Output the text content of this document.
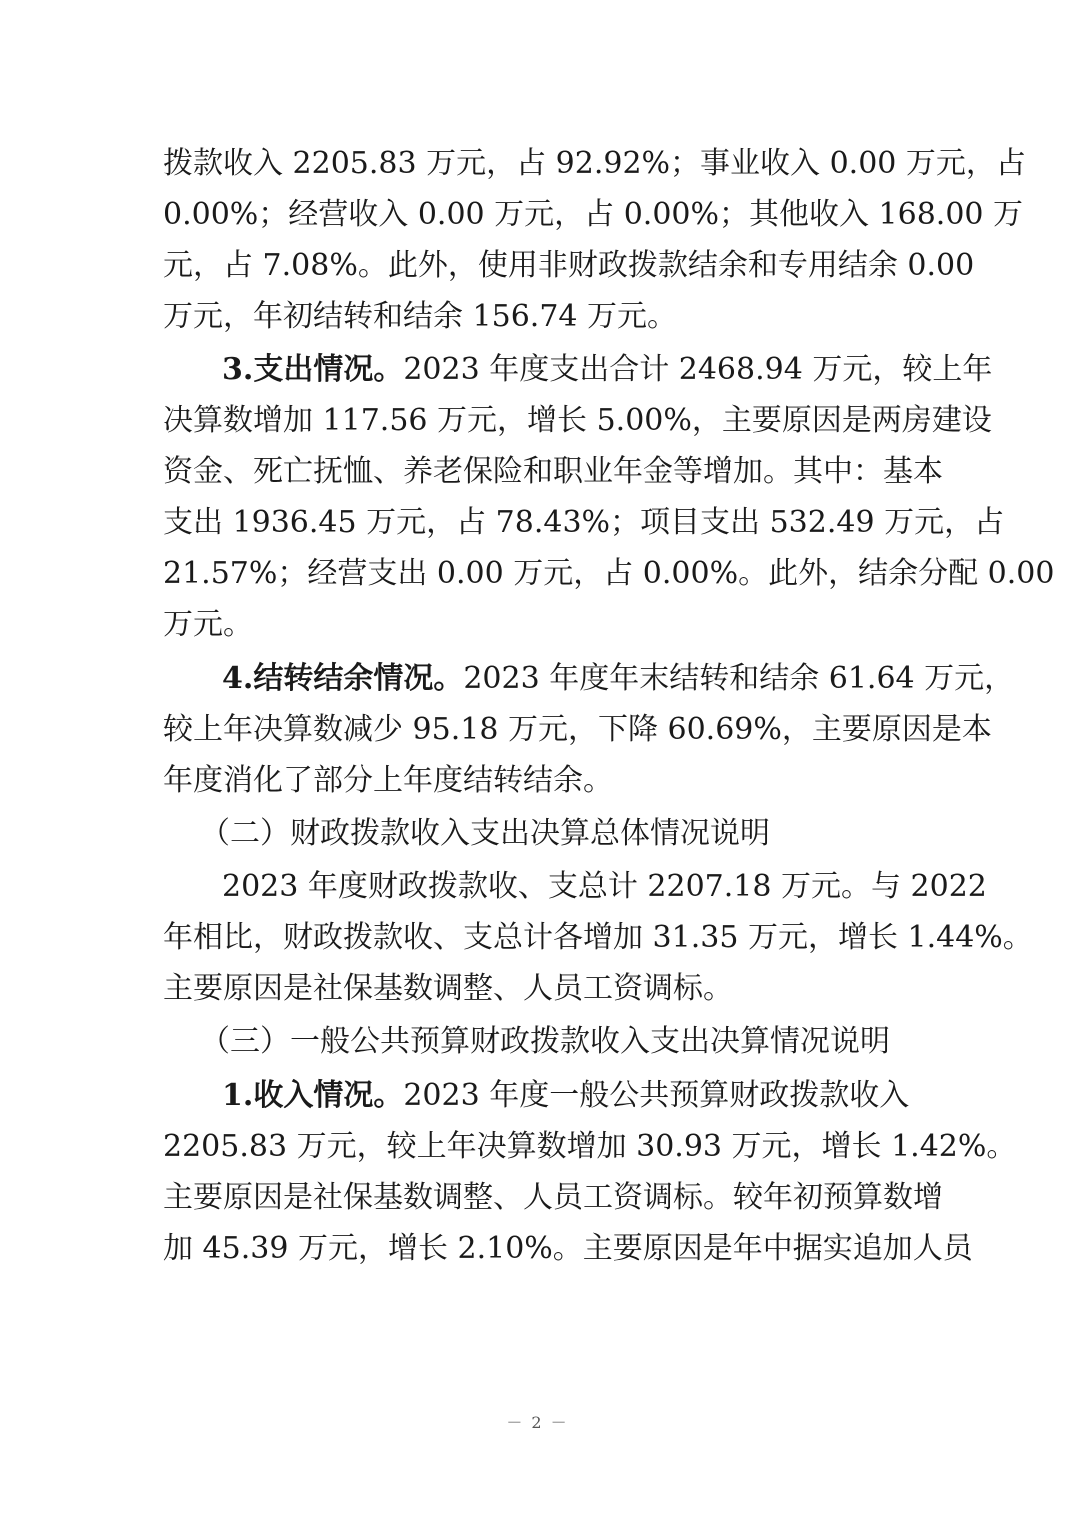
拨款收入 2205.83 万元，占 92.92%；事业收入 0.00 万元，占
0.00%；经营收入 0.00 万元，占 0.00%；其他收入 168.00 万
元，占 7.08%。此外，使用非财政拨款结余和专用结余 0.00
万元，年初结转和结余 156.74 万元。
3.支出情况。2023 年度支出合计 2468.94 万元，较上年
决算数增加 117.56 万元，增长 5.00%，主要原因是两房建设
资金、死亡抚恤、养老保险和职业年金等增加。其中：基本
支出 1936.45 万元，占 78.43%；项目支出 532.49 万元，占
21.57%；经营支出 0.00 万元，占 0.00%。此外，结余分配 0.00
万元。
4.结转结余情况。2023 年度年末结转和结余 61.64 万元，
较上年决算数减少 95.18 万元，下降 60.69%，主要原因是本
年度消化了部分上年度结转结余。
（二）财政拨款收入支出决算总体情况说明
2023 年度财政拨款收、支总计 2207.18 万元。与 2022
年相比，财政拨款收、支总计各增加 31.35 万元，增长 1.44%。
主要原因是社保基数调整、人员工资调标。
（三）一般公共预算财政拨款收入支出决算情况说明
1.收入情况。2023 年度一般公共预算财政拨款收入
2205.83 万元，较上年决算数增加 30.93 万元，增长 1.42%。
主要原因是社保基数调整、人员工资调标。较年初预算数增
加 45.39 万元，增长 2.10%。主要原因是年中据实追加人员
－ 2 －
